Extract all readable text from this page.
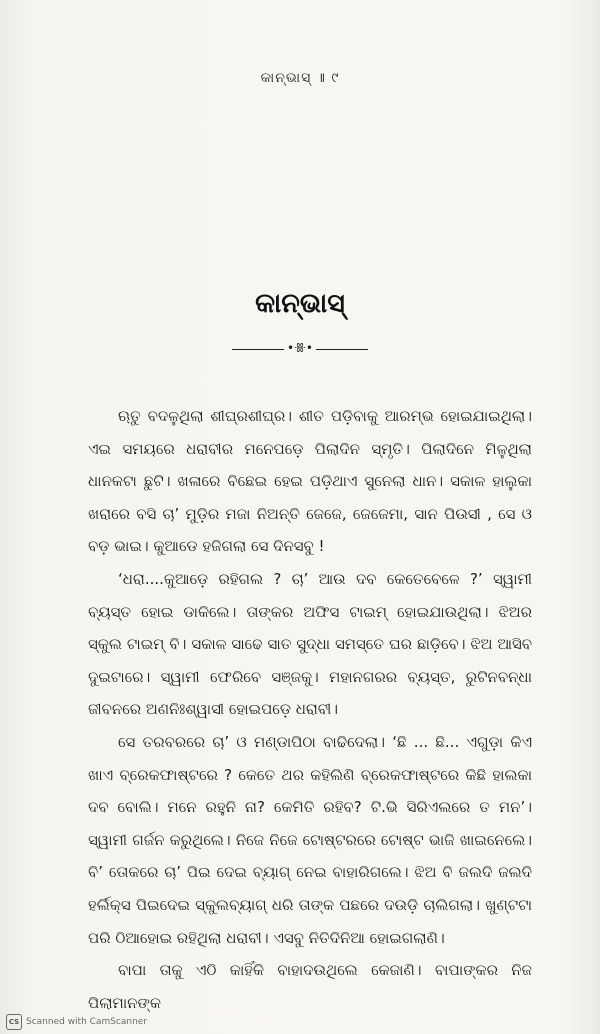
କାନ୍‌ଭାସ୍ ॥ ୯
କାନ୍‌ଭାସ୍
•ꗥ•

ଋତୁ ବଦଳୁଥିଲା ଶୀଘ୍ରଶୀଘ୍ର। ଶୀତ ପଡ଼ିବାକୁ ଆରମ୍ଭ ହୋଇଯାଇଥିଲା। ଏଇ ସମୟରେ ଧରାବୀର ମନେପଡ଼େ ପିଲାଦିନ ସ୍ମୃତି। ପିଲାଦିନେ ମିଳୁଥିଲା ଧାନକଟା ଛୁଟି। ଖଳାରେ ବିଛେଇ ହେଇ ପଡ଼ିଥାଏ ସୁନେଲା ଧାନ। ସକାଳ ହାଲୁକା ଖରାରେ ବସି ଚା’ ମୁଡ଼ିର ମଜା ନିଅନ୍ତି ଜେଜେ, ଜେଜେମା, ସାନ ପିଉସୀ , ସେ ଓ ବଡ଼ ଭାଇ। କୁଆଡେ ହଜିଗଲା ସେ ଦିନସବୁ !

‘ଧରା....କୁଆଡ଼େ ରହିଗଲ ? ଚା’ ଆଉ ଦବ କେତେବେଳେ ?’ ସ୍ୱାମୀ ବ୍ୟସ୍ତ ହୋଇ ଡାକିଲେ। ତାଙ୍କର ଅଫିସ ଟାଇମ୍ ହୋଇଯାଉଥିଲା। ଝିଅର ସ୍କୁଲ ଟାଇମ୍ ବି। ସକାଳ ସାଢେ ସାତ ସୁଦ୍ଧା ସମସ୍ତେ ଘର ଛାଡ଼ିବେ। ଝିଅ ଆସିବ ଦୁଇଟାରେ। ସ୍ୱାମୀ ଫେରିବେ ସଞ୍ଜକୁ। ମହାନଗରର ବ୍ୟସ୍ତ, ରୁଟିନବନ୍ଧା ଜୀବନରେ ଅଣନିଃଶ୍ୱାସୀ ହୋଇପଡ଼େ ଧରାବୀ।

ସେ ତରବରରେ ଚା’ ଓ ମଣ୍ଡାପିଠା ବାଢିଦେଲା। ‘ଛି ... ଛି... ଏଗୁଡ଼ା କିଏ ଖାଏ ବ୍ରେକଫାଷ୍ଟରେ ? କେତେ ଥର କହିଲିଣି ବ୍ରେକଫାଷ୍ଟରେ କିଛି ହାଲକା ଦବ ବୋଲି। ମନେ ରହୁନି ନା? କେମିତି ରହିବ? ଟି.ଭି ସିରିଏଲରେ ତ ମନ’। ସ୍ୱାମୀ ଗର୍ଜନ କରୁଥିଲେ। ନିଜେ ନିଜେ ଟୋଷ୍ଟରରେ ଟୋଷ୍ଟ ଭାଜି ଖାଇନେଲେ। ବି’ ତୋକରେ ଚା’ ପିଇ ଦେଇ ବ୍ୟାଗ୍ ନେଇ ବାହାରିଗଲେ। ଝିଅ ବି ଜଲଦି ଜଲଦି ହର୍ଲିକ୍ସ ପିଇଦେଇ ସ୍କୁଲବ୍ୟାଗ୍ ଧରି ତାଙ୍କ ପଛରେ ଦଉଡ଼ି ଚାଲିଗଲା। ଖୁଣ୍ଟଟା ପରି ଠିଆହୋଇ ରହିଥିଲା ଧରାବୀ। ଏସବୁ ନିତିଦିନିଆ ହୋଇଗଲାଣି।

ବାପା ତାକୁ ଏଠି କାହିଁକି ବାହାଦଉଥିଲେ କେଜାଣି। ବାପାଙ୍କର ନିଜ ପିଲାମାନଙ୍କ

CS Scanned with CamScanner
